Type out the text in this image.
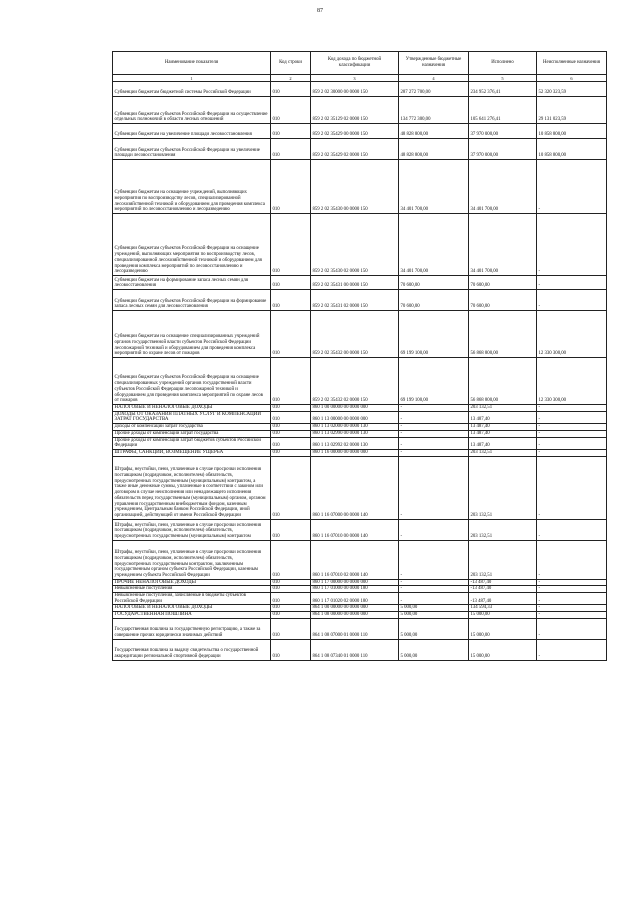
87
Наименование показателя	Код строки	Код дохода по бюджетной классификации	Утвержденные бюджетные назначения	Исполнено	Неисполненные назначения
1	2	3	4	5	6
Субвенции бюджетам бюджетной системы Российской Федерации	010	859 2 02 30000 00 0000 150	287 272 700,00	234 952 376,41	52 320 323,59
Субвенции бюджетам субъектов Российской Федерации на осуществление отдельных полномочий в области лесных отношений	010	859 2 02 35129 02 0000 150	134 772 300,00	105 641 276,41	29 131 023,59
Субвенции бюджетам на увеличение площади лесовосстановления	010	859 2 02 35429 00 0000 150	48 828 800,00	37 970 000,00	10 858 800,00
Субвенции бюджетам субъектов Российской Федерации на увеличение площади лесовосстановления	010	859 2 02 35429 02 0000 150	48 828 800,00	37 970 000,00	10 858 800,00
Субвенции бюджетам на оснащение учреждений, выполняющих мероприятия по воспроизводству лесов, специализированной лесохозяйственной техникой и оборудованием для проведения комплекса мероприятий по лесовосстановлению и лесоразведению	010	859 2 02 35430 00 0000 150	34 401 700,00	34 401 700,00	-
Субвенции бюджетам субъектов Российской Федерации на оснащение учреждений, выполняющих мероприятия по воспроизводству лесов, специализированной лесохозяйственной техникой и оборудованием для проведения комплекса мероприятий по лесовосстановлению и лесоразведению	010	859 2 02 35430 02 0000 150	34 401 700,00	34 401 700,00	-
Субвенции бюджетам на формирование запаса лесных семян для лесовосстановления	010	859 2 02 35431 00 0000 150	70 600,00	70 600,00	-
Субвенции бюджетам субъектов Российской Федерации на формирование запаса лесных семян для лесовосстановления	010	859 2 02 35431 02 0000 150	70 600,00	70 600,00	-
Субвенции бюджетам на оснащение специализированных учреждений органов государственной власти субъектов Российской Федерации лесопожарной техникой и оборудованием для проведения комплекса мероприятий по охране лесов от пожаров	010	859 2 02 35432 00 0000 150	69 199 100,00	56 868 800,00	12 330 300,00
Субвенции бюджетам субъектов Российской Федерации на оснащение специализированных учреждений органов государственной власти субъектов Российской Федерации лесопожарной техникой и оборудованием для проведения комплекса мероприятий по охране лесов от пожаров	010	859 2 02 35432 02 0000 150	69 199 100,00	56 868 800,00	12 330 300,00
НАЛОГОВЫЕ И НЕНАЛОГОВЫЕ ДОХОДЫ	010	860 1 00 00000 00 0000 000	-	203 132,51	-
ДОХОДЫ ОТ ОКАЗАНИЯ ПЛАТНЫХ УСЛУГ И КОМПЕНСАЦИИ ЗАТРАТ ГОСУДАРСТВА	010	860 1 13 00000 00 0000 000	-	13 487,40	-
Доходы от компенсации затрат государства	010	860 1 13 02000 00 0000 130	-	13 487,40	-
Прочие доходы от компенсации затрат государства	010	860 1 13 02990 00 0000 130	-	13 487,40	-
Прочие доходы от компенсации затрат бюджетов субъектов Российской Федерации	010	860 1 13 02992 02 0000 130	-	13 487,40	-
ШТРАФЫ, САНКЦИИ, ВОЗМЕЩЕНИЕ УЩЕРБА	010	860 1 16 00000 00 0000 000	-	203 132,51	-
Штрафы, неустойки, пени, уплаченные в случае просрочки исполнения поставщиком (подрядчиком, исполнителем) обязательств, предусмотренных государственным (муниципальным) контрактом, а также иные денежные суммы, уплаченные в соответствии с законом или договором в случае неисполнения или ненадлежащего исполнения обязательств перед государственным (муниципальным) органом, органом управления государственным внебюджетным фондом, казенным учреждением, Центральным банком Российской Федерации, иной организацией, действующей от имени Российской Федерации	010	860 1 16 07000 00 0000 140	-	203 132,51	-
Штрафы, неустойки, пени, уплаченные в случае просрочки исполнения поставщиком (подрядчиком, исполнителем) обязательств, предусмотренных государственным (муниципальным) контрактом	010	860 1 16 07010 00 0000 140	-	203 132,51	-
Штрафы, неустойки, пени, уплаченные в случае просрочки исполнения поставщиком (подрядчиком, исполнителем) обязательств, предусмотренных государственным контрактом, заключенным государственным органом субъекта Российской Федерации, казенным учреждением субъекта Российской Федерации	010	860 1 16 07010 02 0000 140	-	203 132,51	-
ПРОЧИЕ НЕНАЛОГОВЫЕ ДОХОДЫ	010	860 1 17 00000 00 0000 000	-	-13 487,40	-
Невыясненные поступления	010	860 1 17 01000 00 0000 180	-	-13 487,40	-
Невыясненные поступления, зачисляемые в бюджеты субъектов Российской Федерации	010	860 1 17 01020 02 0000 180	-	-13 487,40	-
НАЛОГОВЫЕ И НЕНАЛОГОВЫЕ ДОХОДЫ	010	864 1 00 00000 00 0000 000	5 000,00	134 594,33	-
ГОСУДАРСТВЕННАЯ ПОШЛИНА	010	864 1 08 00000 00 0000 000	5 000,00	15 000,00	-
Государственная пошлина за государственную регистрацию, а также за совершение прочих юридически значимых действий	010	864 1 08 07000 01 0000 110	5 000,00	15 000,00	-
Государственная пошлина за выдачу свидетельства о государственной аккредитации региональной спортивной федерации	010	864 1 08 07340 01 0000 110	5 000,00	15 000,00	-
